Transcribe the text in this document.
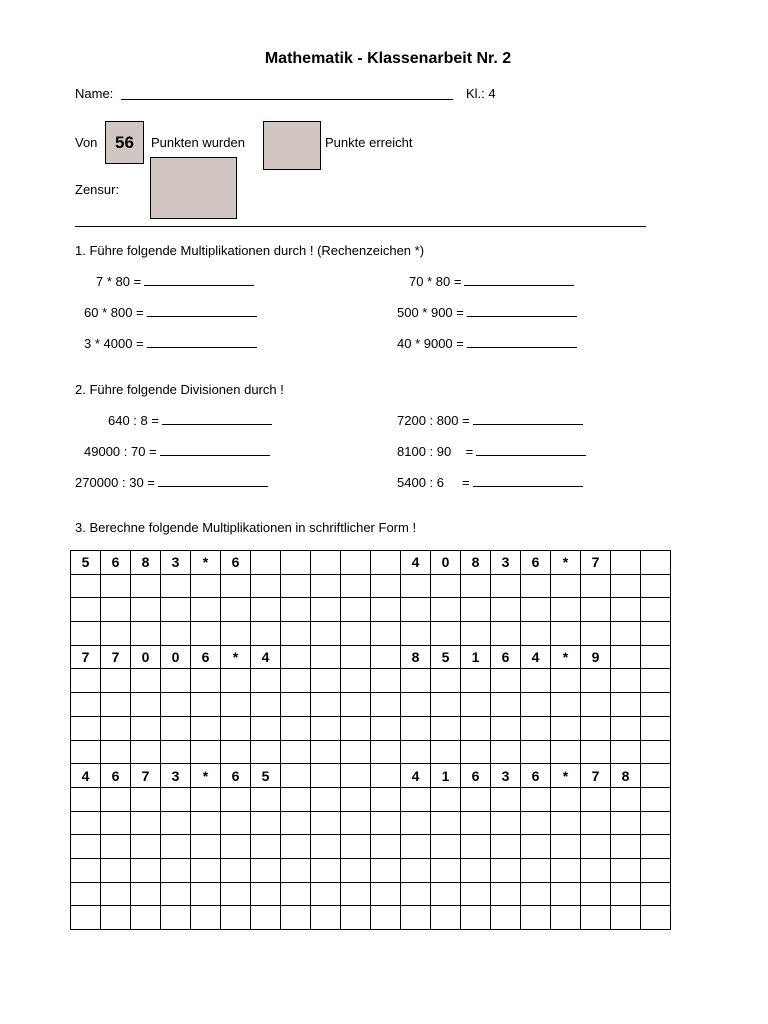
Mathematik - Klassenarbeit Nr. 2
Name:	Kl.: 4
Von	56	Punkten wurden	Punkte erreicht
Zensur:
1. Führe folgende Multiplikationen durch ! (Rechenzeichen *)
7 * 80 =	70 * 80 =
60 * 800 =	500 * 900 =
3 * 4000 =	40 * 9000 =
2. Führe folgende Divisionen durch !
640 : 8 =	7200 : 800 =
49000 : 70 =	8100 : 90    =
270000 : 30 =	5400 : 6     =
3. Berechne folgende Multiplikationen in schriftlicher Form !
5	6	8	3	*	6						4	0	8	3	6	*	7		

7	7	0	0	6	*	4					8	5	1	6	4	*	9		

4	6	7	3	*	6	5					4	1	6	3	6	*	7	8	
